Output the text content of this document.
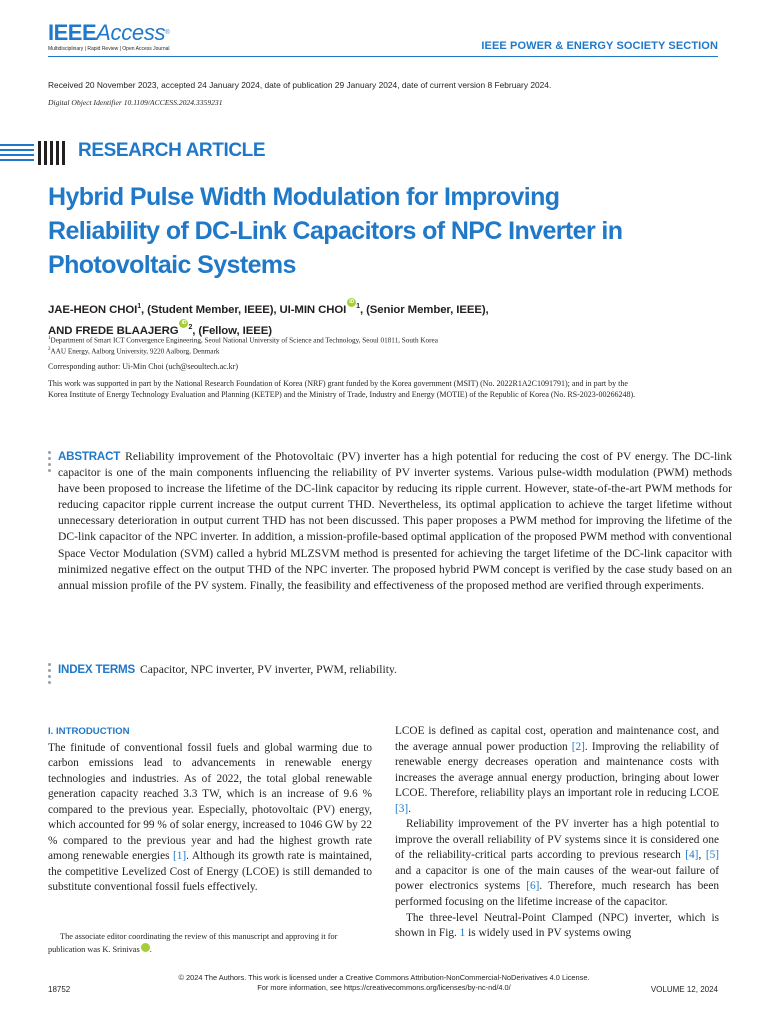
IEEEAccess®
Multidisciplinary | Rapid Review | Open Access Journal	IEEE POWER & ENERGY SOCIETY SECTION
Received 20 November 2023, accepted 24 January 2024, date of publication 29 January 2024, date of current version 8 February 2024.
Digital Object Identifier 10.1109/ACCESS.2024.3359231
RESEARCH ARTICLE
Hybrid Pulse Width Modulation for Improving Reliability of DC-Link Capacitors of NPC Inverter in Photovoltaic Systems
JAE-HEON CHOI$^1$, (Student Member, IEEE), UI-MIN CHOIiD$^1$, (Senior Member, IEEE),
AND FREDE BLAAJERGiD$^2$, (Fellow, IEEE)
$^1$Department of Smart ICT Convergence Engineering, Seoul National University of Science and Technology, Seoul 01811, South Korea
$^2$AAU Energy, Aalborg University, 9220 Aalborg, Denmark
Corresponding author: Ui-Min Choi (uch@seoultech.ac.kr)
This work was supported in part by the National Research Foundation of Korea (NRF) grant funded by the Korea government (MSIT) (No. 2022R1A2C1091791); and in part by the Korea Institute of Energy Technology Evaluation and Planning (KETEP) and the Ministry of Trade, Industry and Energy (MOTIE) of the Republic of Korea (No. RS-2023-00266248).
ABSTRACT Reliability improvement of the Photovoltaic (PV) inverter has a high potential for reducing the cost of PV energy. The DC-link capacitor is one of the main components influencing the reliability of PV inverter systems. Various pulse-width modulation (PWM) methods have been proposed to increase the lifetime of the DC-link capacitor by reducing its ripple current. However, state-of-the-art PWM methods for reducing capacitor ripple current increase the output current THD. Nevertheless, its optimal application to achieve the target lifetime without unnecessary deterioration in output current THD has not been discussed. This paper proposes a PWM method for improving the lifetime of the DC-link capacitor of the NPC inverter. In addition, a mission-profile-based optimal application of the proposed PWM method with conventional Space Vector Modulation (SVM) called a hybrid MLZSVM method is presented for achieving the target lifetime of the DC-link capacitor with minimized negative effect on the output THD of the NPC inverter. The proposed hybrid PWM concept is verified by the case study based on an annual mission profile of the PV system. Finally, the feasibility and effectiveness of the proposed method are verified through experiments.
INDEX TERMS Capacitor, NPC inverter, PV inverter, PWM, reliability.
I. INTRODUCTION

The finitude of conventional fossil fuels and global warming due to carbon emissions lead to advancements in renewable energy technologies and industries. As of 2022, the total global renewable generation capacity reached 3.3 TW, which is an increase of 9.6 % compared to the previous year. Especially, photovoltaic (PV) energy, which accounted for 99 % of solar energy, increased to 1046 GW by 22 % compared to the previous year and had the highest growth rate among renewable energies [1]. Although its growth rate is maintained, the competitive Levelized Cost of Energy (LCOE) is still demanded to substitute conventional fossil fuels effectively.

The associate editor coordinating the review of this manuscript and approving it for publication was K. Srinivas	iD.

LCOE is defined as capital cost, operation and maintenance cost, and the average annual power production [2]. Improving the reliability of renewable energy decreases operation and maintenance costs with increases the average annual energy production, bringing about lower LCOE. Therefore, reliability plays an important role in reducing LCOE [3].

Reliability improvement of the PV inverter has a high potential to improve the overall reliability of PV systems since it is considered one of the reliability-critical parts according to previous research [4], [5] and a capacitor is one of the main causes of the wear-out failure of power electronics systems [6]. Therefore, much research has been performed focusing on the lifetime increase of the capacitor.

The three-level Neutral-Point Clamped (NPC) inverter, which is shown in Fig. 1 is widely used in PV systems owing

© 2024 The Authors. This work is licensed under a Creative Commons Attribution-NonCommercial-NoDerivatives 4.0 License.
For more information, see https://creativecommons.org/licenses/by-nc-nd/4.0/
18752	VOLUME 12, 2024
